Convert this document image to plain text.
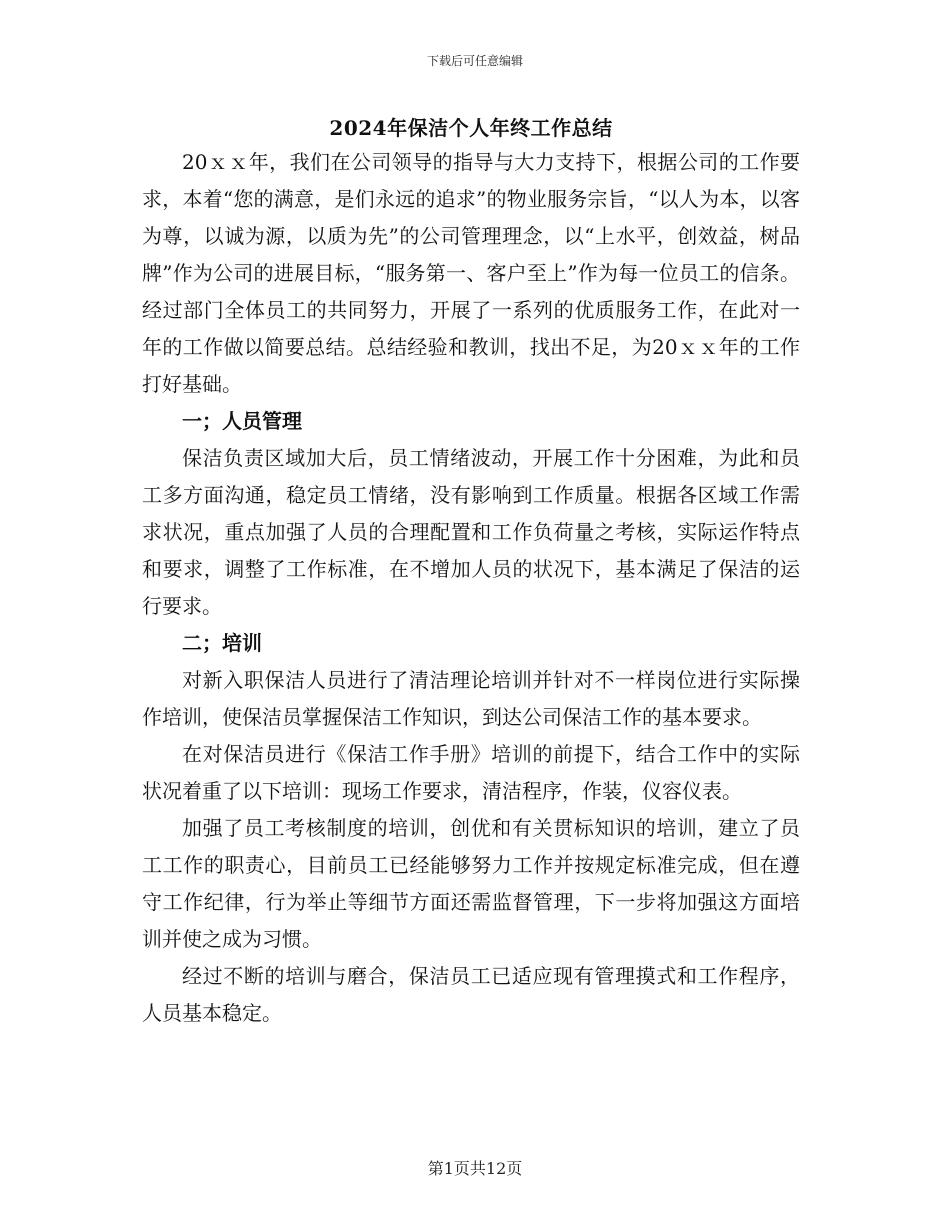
下载后可任意编辑
2024年保洁个人年终工作总结

20ｘｘ年，我们在公司领导的指导与大力支持下，根据公司的工作要求，本着“您的满意，是们永远的追求”的物业服务宗旨，“以人为本，以客为尊，以诚为源，以质为先”的公司管理理念，以“上水平，创效益，树品牌”作为公司的进展目标，“服务第一、客户至上”作为每一位员工的信条。经过部门全体员工的共同努力，开展了一系列的优质服务工作，在此对一年的工作做以简要总结。总结经验和教训，找出不足，为20ｘｘ年的工作打好基础。

一；人员管理

保洁负责区域加大后，员工情绪波动，开展工作十分困难，为此和员工多方面沟通，稳定员工情绪，没有影响到工作质量。根据各区域工作需求状况，重点加强了人员的合理配置和工作负荷量之考核，实际运作特点和要求，调整了工作标准，在不增加人员的状况下，基本满足了保洁的运行要求。

二；培训

对新入职保洁人员进行了清洁理论培训并针对不一样岗位进行实际操作培训，使保洁员掌握保洁工作知识，到达公司保洁工作的基本要求。

在对保洁员进行《保洁工作手册》培训的前提下，结合工作中的实际状况着重了以下培训：现场工作要求，清洁程序，作装，仪容仪表。

加强了员工考核制度的培训，创优和有关贯标知识的培训，建立了员工工作的职责心，目前员工已经能够努力工作并按规定标准完成，但在遵守工作纪律，行为举止等细节方面还需监督管理，下一步将加强这方面培训并使之成为习惯。

经过不断的培训与磨合，保洁员工已适应现有管理摸式和工作程序，人员基本稳定。

第1页共12页
